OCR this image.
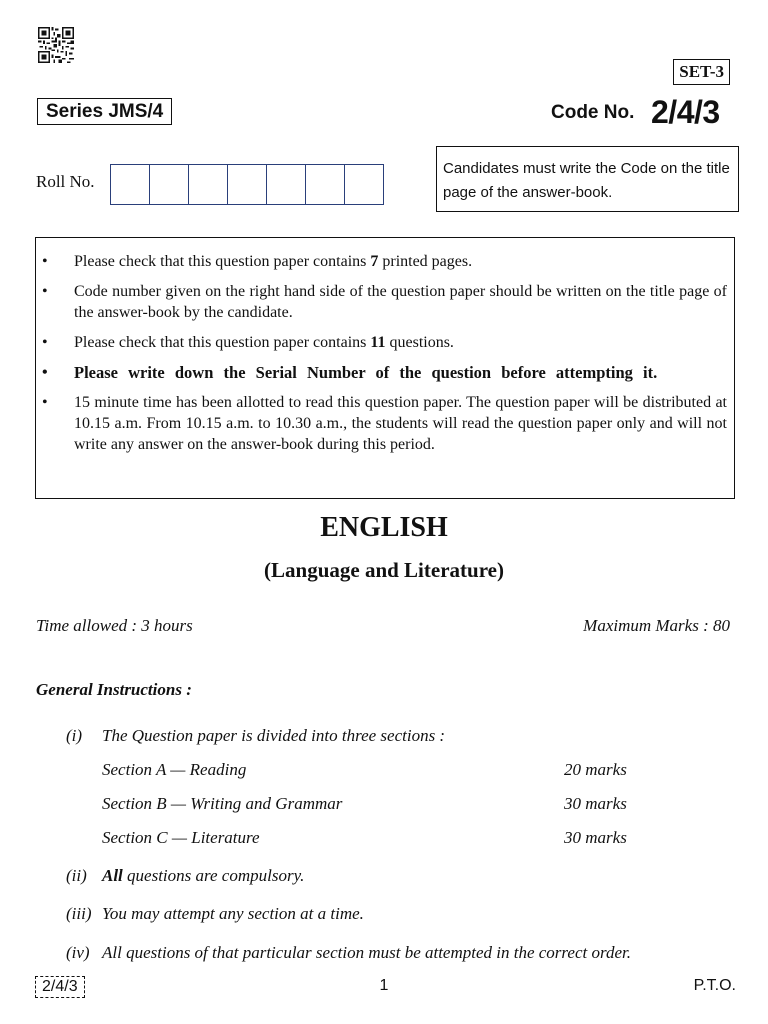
SET-3
Series JMS/4	Code No. 2/4/3
Roll No.
Candidates must write the Code on the title page of the answer-book.
• Please check that this question paper contains 7 printed pages.
• Code number given on the right hand side of the question paper should be written on the title page of the answer-book by the candidate.
• Please check that this question paper contains 11 questions.
• Please write down the Serial Number of the question before attempting it.
• 15 minute time has been allotted to read this question paper. The question paper will be distributed at 10.15 a.m. From 10.15 a.m. to 10.30 a.m., the students will read the question paper only and will not write any answer on the answer-book during this period.
ENGLISH
(Language and Literature)
Time allowed : 3 hours	Maximum Marks : 80
General Instructions :
(i) The Question paper is divided into three sections :
Section A — Reading	20 marks
Section B — Writing and Grammar	30 marks
Section C — Literature	30 marks
(ii) All questions are compulsory.
(iii) You may attempt any section at a time.
(iv) All questions of that particular section must be attempted in the correct order.
2/4/3	1	P.T.O.
